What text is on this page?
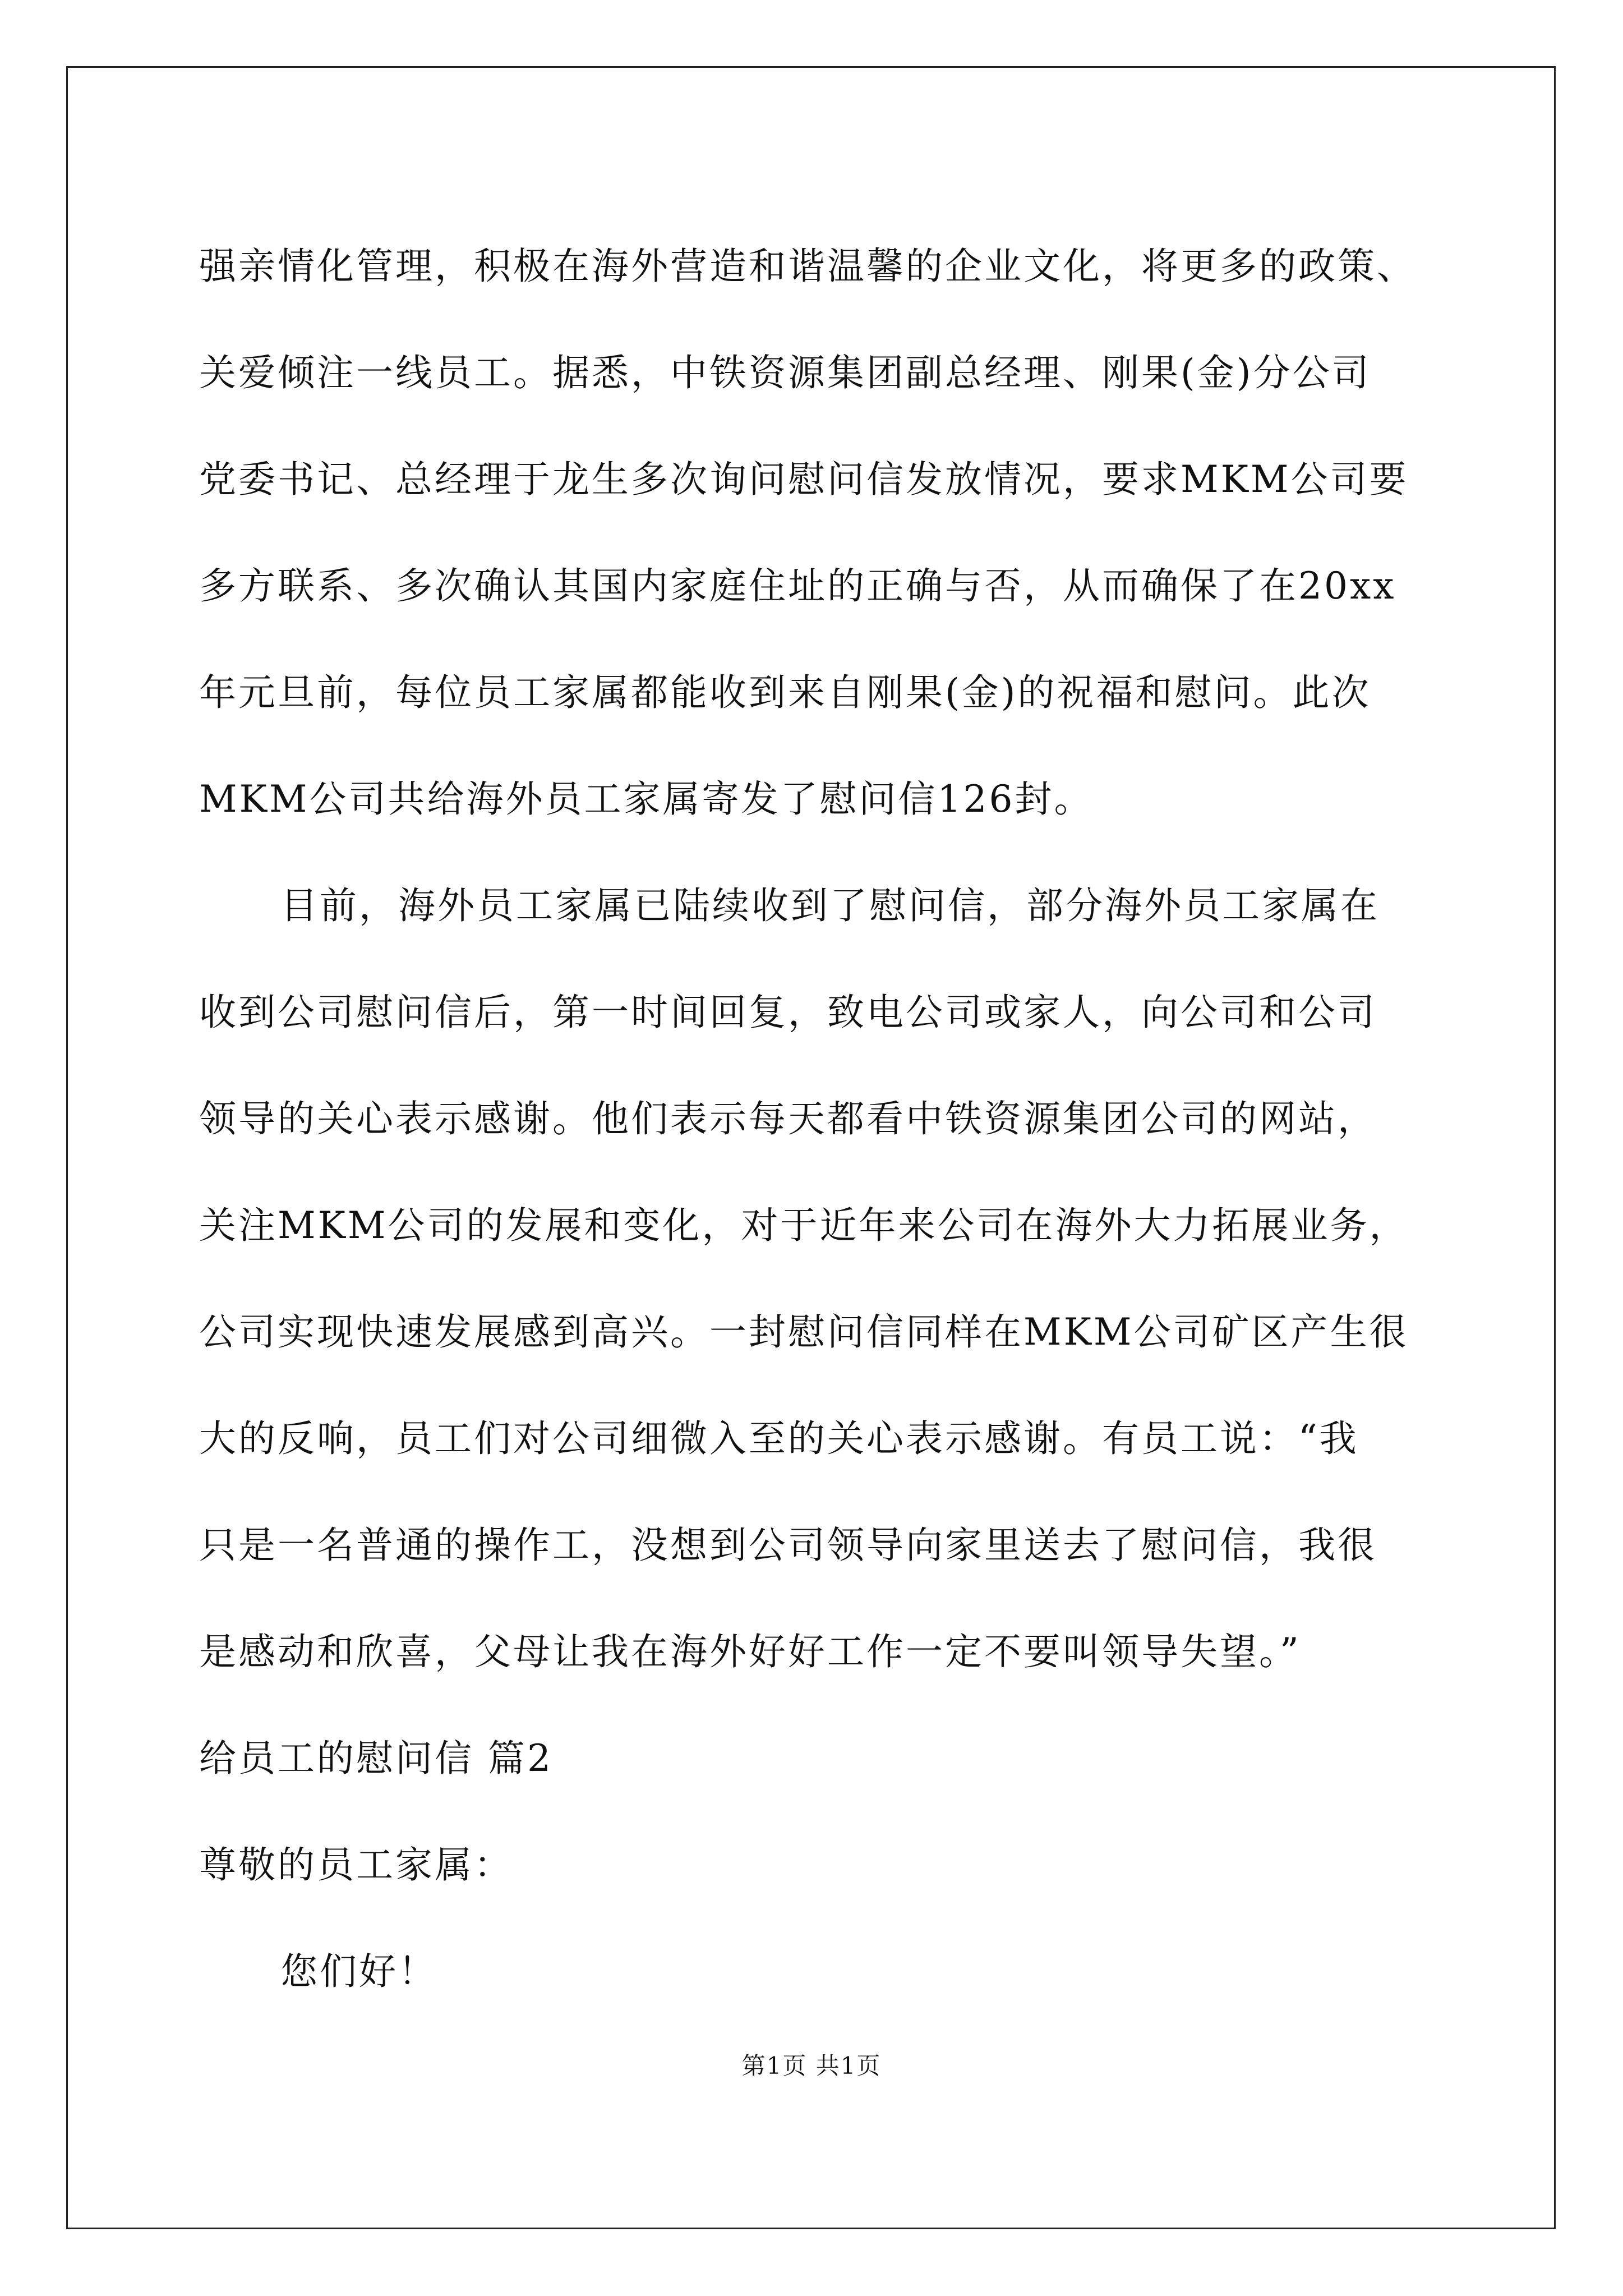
强亲情化管理，积极在海外营造和谐温馨的企业文化，将更多的政策、
关爱倾注一线员工。据悉，中铁资源集团副总经理、刚果(金)分公司
党委书记、总经理于龙生多次询问慰问信发放情况，要求MKM公司要
多方联系、多次确认其国内家庭住址的正确与否，从而确保了在20xx
年元旦前，每位员工家属都能收到来自刚果(金)的祝福和慰问。此次
MKM公司共给海外员工家属寄发了慰问信126封。
目前，海外员工家属已陆续收到了慰问信，部分海外员工家属在
收到公司慰问信后，第一时间回复，致电公司或家人，向公司和公司
领导的关心表示感谢。他们表示每天都看中铁资源集团公司的网站，
关注MKM公司的发展和变化，对于近年来公司在海外大力拓展业务，
公司实现快速发展感到高兴。一封慰问信同样在MKM公司矿区产生很
大的反响，员工们对公司细微入至的关心表示感谢。有员工说：“我
只是一名普通的操作工，没想到公司领导向家里送去了慰问信，我很
是感动和欣喜，父母让我在海外好好工作一定不要叫领导失望。”
给员工的慰问信 篇2
尊敬的员工家属：
您们好！
第1页 共1页
